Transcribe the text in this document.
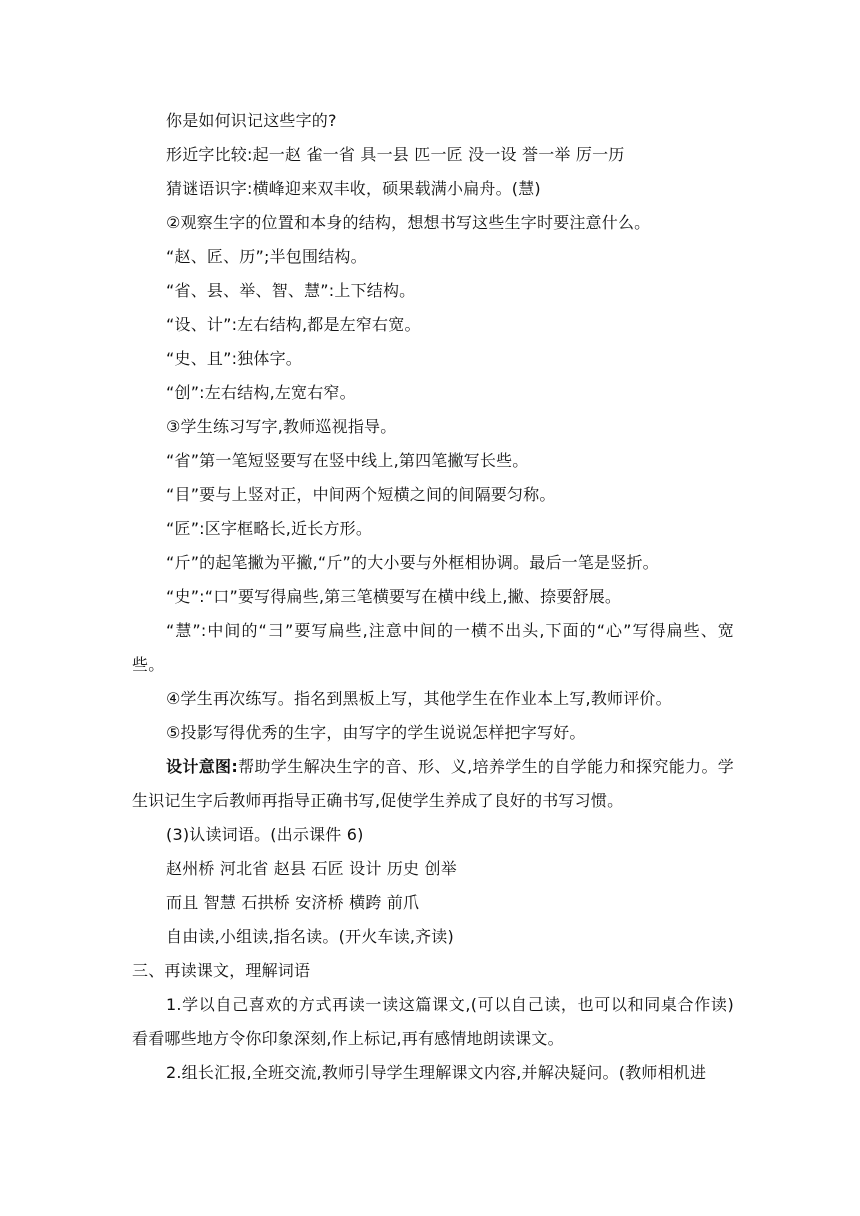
你是如何识记这些字的?
形近字比较:起一赵 雀一省 具一县 匹一匠 没一设 誉一举 厉一历
猜谜语识字:横峰迎来双丰收，硕果载满小扁舟。(慧)
②观察生字的位置和本身的结构，想想书写这些生字时要注意什么。
“赵、匠、历”;半包围结构。
“省、县、举、智、慧”:上下结构。
“设、计”:左右结构,都是左窄右宽。
“史、且”:独体字。
“创”:左右结构,左宽右窄。
③学生练习写字,教师巡视指导。
“省”第一笔短竖要写在竖中线上,第四笔撇写长些。
“目”要与上竖对正，中间两个短横之间的间隔要匀称。
“匠”:区字框略长,近长方形。
“斤”的起笔撇为平撇,“斤”的大小要与外框相协调。最后一笔是竖折。
“史”:“口”要写得扁些,第三笔横要写在横中线上,撇、捺要舒展。
“慧”:中间的“彐”要写扁些,注意中间的一横不出头,下面的“心”写得扁些、宽些。
④学生再次练写。指名到黑板上写，其他学生在作业本上写,教师评价。
⑤投影写得优秀的生字，由写字的学生说说怎样把字写好。
设计意图:帮助学生解决生字的音、形、义,培养学生的自学能力和探究能力。学生识记生字后教师再指导正确书写,促使学生养成了良好的书写习惯。
(3)认读词语。(出示课件 6)
赵州桥 河北省 赵县 石匠 设计 历史 创举
而且 智慧 石拱桥 安济桥 横跨 前爪
自由读,小组读,指名读。(开火车读,齐读)
三、再读课文，理解词语
1.学以自己喜欢的方式再读一读这篇课文,(可以自己读，也可以和同桌合作读)看看哪些地方令你印象深刻,作上标记,再有感情地朗读课文。
2.组长汇报,全班交流,教师引导学生理解课文内容,并解决疑问。(教师相机进
